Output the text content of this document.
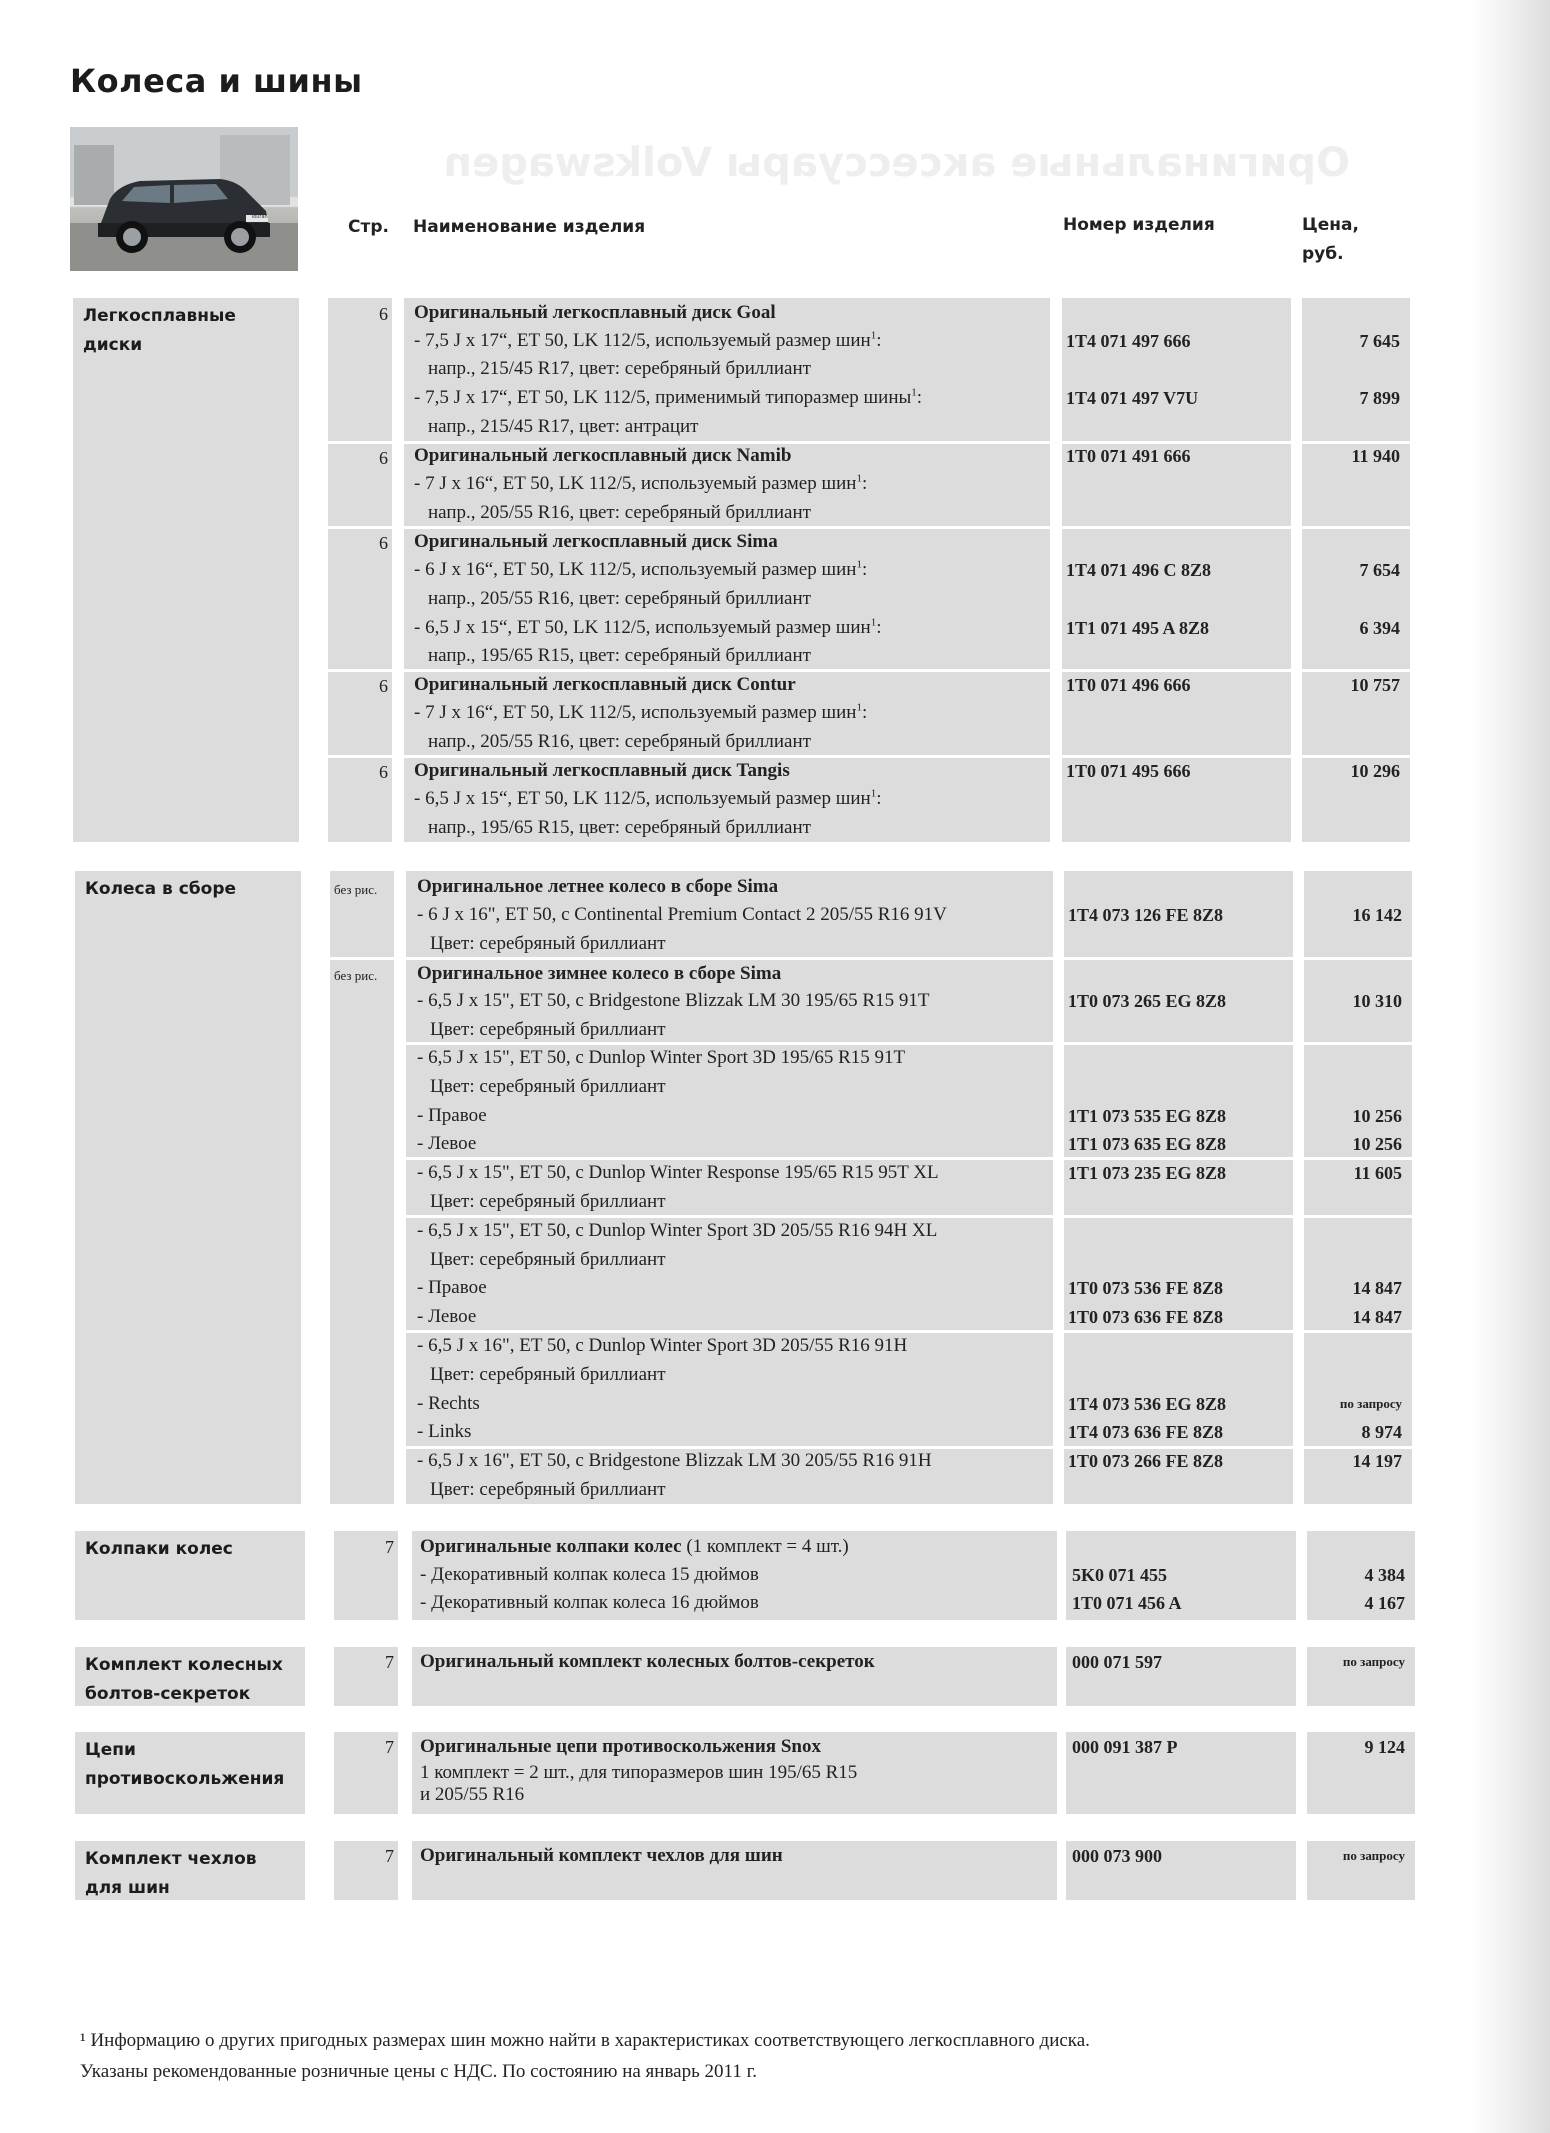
Оригинальные аксессуары Volkswagen
Колеса и шины
Touran	Стр. Наименование изделия	Номер изделия	Цена, руб.
Легкосплавные диски
6 Оригинальный легкосплавный диск Goal
- 7,5 J x 17“, ET 50, LK 112/5, используемый размер шин$^1$:
напр., 215/45 R17, цвет: серебряный бриллиант
- 7,5 J x 17“, ET 50, LK 112/5, применимый типоразмер шины$^1$:
напр., 215/45 R17, цвет: антрацит
1T4 071 497 666	7 645
1T4 071 497 V7U	7 899
6 Оригинальный легкосплавный диск Namib
- 7 J x 16“, ET 50, LK 112/5, используемый размер шин$^1$:
напр., 205/55 R16, цвет: серебряный бриллиант
1T0 071 491 666	11 940
6 Оригинальный легкосплавный диск Sima
- 6 J x 16“, ET 50, LK 112/5, используемый размер шин$^1$:
напр., 205/55 R16, цвет: серебряный бриллиант
- 6,5 J x 15“, ET 50, LK 112/5, используемый размер шин$^1$:
напр., 195/65 R15, цвет: серебряный бриллиант
1T4 071 496 C 8Z8	7 654
1T1 071 495 A 8Z8	6 394
6 Оригинальный легкосплавный диск Contur
- 7 J x 16“, ET 50, LK 112/5, используемый размер шин$^1$:
напр., 205/55 R16, цвет: серебряный бриллиант
1T0 071 496 666	10 757
6 Оригинальный легкосплавный диск Tangis
- 6,5 J x 15“, ET 50, LK 112/5, используемый размер шин$^1$:
напр., 195/65 R15, цвет: серебряный бриллиант
1T0 071 495 666	10 296
Колеса в сборе	без рис. Оригинальное летнее колесо в сборе Sima
- 6 J x 16", ET 50, с Continental Premium Contact 2 205/55 R16 91V
Цвет: серебряный бриллиант
1T4 073 126 FE 8Z8	16 142
без рис. Оригинальное зимнее колесо в сборе Sima
- 6,5 J x 15", ET 50, с Bridgestone Blizzak LM 30 195/65 R15 91T
Цвет: серебряный бриллиант
1T0 073 265 EG 8Z8	10 310
- 6,5 J x 15", ET 50, с Dunlop Winter Sport 3D 195/65 R15 91T
Цвет: серебряный бриллиант
- Правое
- Левое
1T1 073 535 EG 8Z8	10 256
1T1 073 635 EG 8Z8	10 256
- 6,5 J x 15", ET 50, с Dunlop Winter Response 195/65 R15 95T XL
Цвет: серебряный бриллиант
1T1 073 235 EG 8Z8	11 605
- 6,5 J x 15", ET 50, с Dunlop Winter Sport 3D 205/55 R16 94H XL
Цвет: серебряный бриллиант
- Правое
- Левое
1T0 073 536 FE 8Z8	14 847
1T0 073 636 FE 8Z8	14 847
- 6,5 J x 16", ET 50, с Dunlop Winter Sport 3D 205/55 R16 91H
Цвет: серебряный бриллиант
- Rechts
- Links
1T4 073 536 EG 8Z8	по запросу
1T4 073 636 FE 8Z8	8 974
- 6,5 J x 16", ET 50, с Bridgestone Blizzak LM 30 205/55 R16 91H
Цвет: серебряный бриллиант
1T0 073 266 FE 8Z8	14 197
Колпаки колес	7 Оригинальные колпаки колес (1 комплект = 4 шт.)
- Декоративный колпак колеса 15 дюймов
- Декоративный колпак колеса 16 дюймов
5K0 071 455	4 384
1T0 071 456 A	4 167
Комплект колесных
болтов-секреток
7 Оригинальный комплект колесных болтов-секреток	000 071 597	по запросу
Цепи
противоскольжения
7 Оригинальные цепи противоскольжения Snox
1 комплект = 2 шт., для типоразмеров шин 195/65 R15
и 205/55 R16
000 091 387 P	9 124
Комплект чехлов
для шин
7 Оригинальный комплект чехлов для шин	000 073 900	по запросу
¹ Информацию о других пригодных размерах шин можно найти в характеристиках соответствующего легкосплавного диска.
Указаны рекомендованные розничные цены с НДС. По состоянию на январь 2011 г.
